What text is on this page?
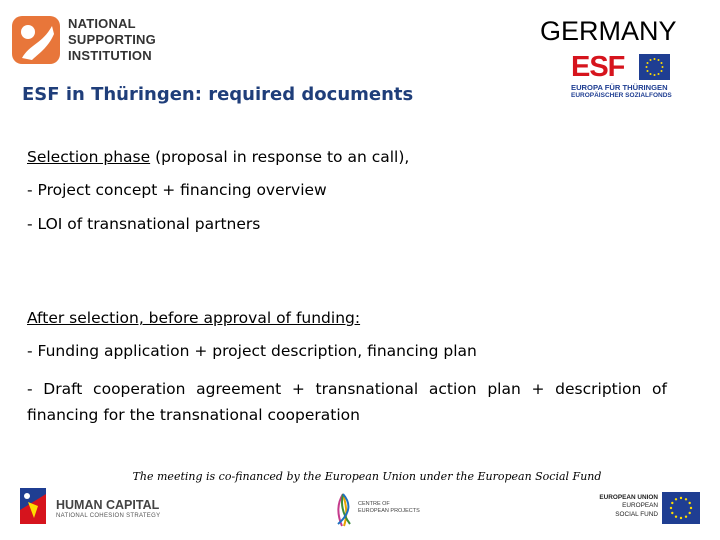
NATIONAL
SUPPORTING
INSTITUTION
GERMANY
ESF
EUROPA FÜR THÜRINGEN
EUROPÄISCHER SOZIALFONDS
ESF in Thüringen: required documents
Selection phase (proposal in response to an call),
- Project concept + financing overview
- LOI of transnational partners
After selection, before approval of funding:
- Funding application + project description, financing plan
- Draft cooperation agreement + transnational action plan + description of financing for the transnational cooperation
The meeting is co-financed by the European Union under the European Social Fund
HUMAN CAPITAL
NATIONAL COHESION STRATEGY
CENTRE OF
EUROPEAN PROJECTS
EUROPEAN UNION
EUROPEAN
SOCIAL FUND
